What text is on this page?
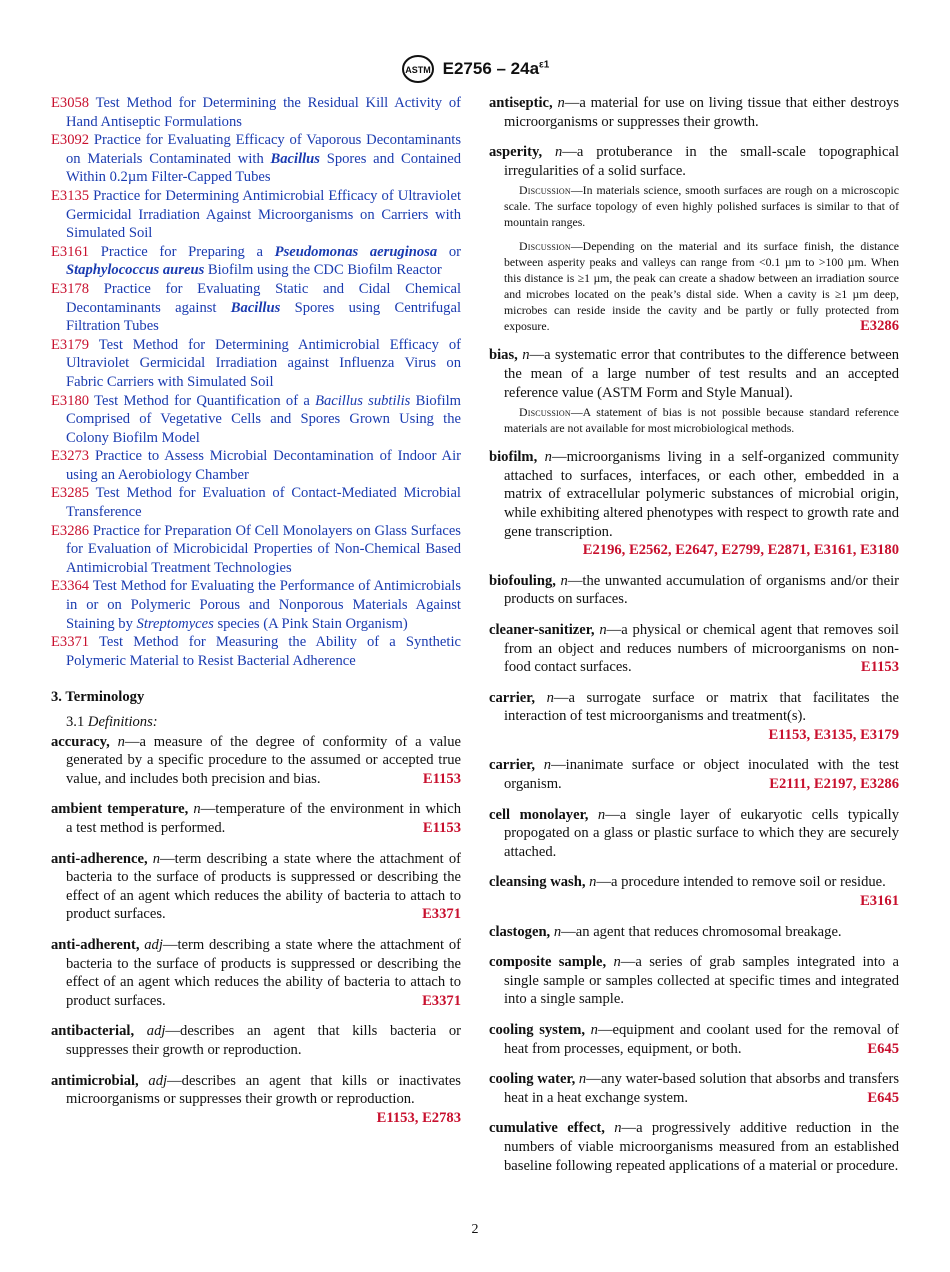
ASTM $E2756 - 24a^{\varepsilon 1}$

E3058 Test Method for Determining the Residual Kill Activity of Hand Antiseptic Formulations

E3092 Practice for Evaluating Efficacy of Vaporous Decontaminants on Materials Contaminated with Bacillus Spores and Contained Within 0.2µm Filter-Capped Tubes

E3135 Practice for Determining Antimicrobial Efficacy of Ultraviolet Germicidal Irradiation Against Microorganisms on Carriers with Simulated Soil

E3161 Practice for Preparing a Pseudomonas aeruginosa or Staphylococcus aureus Biofilm using the CDC Biofilm Reactor

E3178 Practice for Evaluating Static and Cidal Chemical Decontaminants against Bacillus Spores using Centrifugal Filtration Tubes

E3179 Test Method for Determining Antimicrobial Efficacy of Ultraviolet Germicidal Irradiation against Influenza Virus on Fabric Carriers with Simulated Soil

E3180 Test Method for Quantification of a Bacillus subtilis Biofilm Comprised of Vegetative Cells and Spores Grown Using the Colony Biofilm Model

E3273 Practice to Assess Microbial Decontamination of Indoor Air using an Aerobiology Chamber

E3285 Test Method for Evaluation of Contact-Mediated Microbial Transference

E3286 Practice for Preparation Of Cell Monolayers on Glass Surfaces for Evaluation of Microbicidal Properties of Non-Chemical Based Antimicrobial Treatment Technologies

E3364 Test Method for Evaluating the Performance of Antimicrobials in or on Polymeric Porous and Nonporous Materials Against Staining by Streptomyces species (A Pink Stain Organism)

E3371 Test Method for Measuring the Ability of a Synthetic Polymeric Material to Resist Bacterial Adherence

3. Terminology
3.1 Definitions:

accuracy, n—a measure of the degree of conformity of a value generated by a specific procedure to the assumed or accepted true value, and includes both precision and bias.	E1153

ambient temperature, n—temperature of the environment in which a test method is performed.	E1153

anti-adherence, n—term describing a state where the attachment of bacteria to the surface of products is suppressed or describing the effect of an agent which reduces the ability of bacteria to attach to product surfaces.	E3371

anti-adherent, adj—term describing a state where the attachment of bacteria to the surface of products is suppressed or describing the effect of an agent which reduces the ability of bacteria to attach to product surfaces.	E3371

antibacterial, adj—describes an agent that kills bacteria or suppresses their growth or reproduction.

antimicrobial, adj—describes an agent that kills or inactivates microorganisms or suppresses their growth or reproduction.
E1153, E2783

antiseptic, n—a material for use on living tissue that either destroys microorganisms or suppresses their growth.

asperity, n—a protuberance in the small-scale topographical irregularities of a solid surface.

Discussion—In materials science, smooth surfaces are rough on a microscopic scale. The surface topology of even highly polished surfaces is similar to that of mountain ranges.

Discussion—Depending on the material and its surface finish, the distance between asperity peaks and valleys can range from <0.1 µm to >100 µm. When this distance is ≥1 µm, the peak can create a shadow between an irradiation source and microbes located on the peak’s distal side. When a cavity is ≥1 µm deep, microbes can reside inside the cavity and be partly or fully protected from exposure.	E3286

bias, n—a systematic error that contributes to the difference between the mean of a large number of test results and an accepted reference value (ASTM Form and Style Manual).

Discussion—A statement of bias is not possible because standard reference materials are not available for most microbiological methods.

biofilm, n—microorganisms living in a self-organized community attached to surfaces, interfaces, or each other, embedded in a matrix of extracellular polymeric substances of microbial origin, while exhibiting altered phenotypes with respect to growth rate and gene transcription.
E2196, E2562, E2647, E2799, E2871, E3161, E3180

biofouling, n—the unwanted accumulation of organisms and/or their products on surfaces.

cleaner-sanitizer, n—a physical or chemical agent that removes soil from an object and reduces numbers of microorganisms on non-food contact surfaces.	E1153

carrier, n—a surrogate surface or matrix that facilitates the interaction of test microorganisms and treatment(s).
E1153, E3135, E3179

carrier, n—inanimate surface or object inoculated with the test organism.	E2111, E2197, E3286

cell monolayer, n—a single layer of eukaryotic cells typically propogated on a glass or plastic surface to which they are securely attached.

cleansing wash, n—a procedure intended to remove soil or residue.
E3161

clastogen, n—an agent that reduces chromosomal breakage.

composite sample, n—a series of grab samples integrated into a single sample or samples collected at specific times and integrated into a single sample.

cooling system, n—equipment and coolant used for the removal of heat from processes, equipment, or both.	E645

cooling water, n—any water-based solution that absorbs and transfers heat in a heat exchange system.	E645

cumulative effect, n—a progressively additive reduction in the numbers of viable microorganisms measured from an established baseline following repeated applications of a material or procedure.

2
